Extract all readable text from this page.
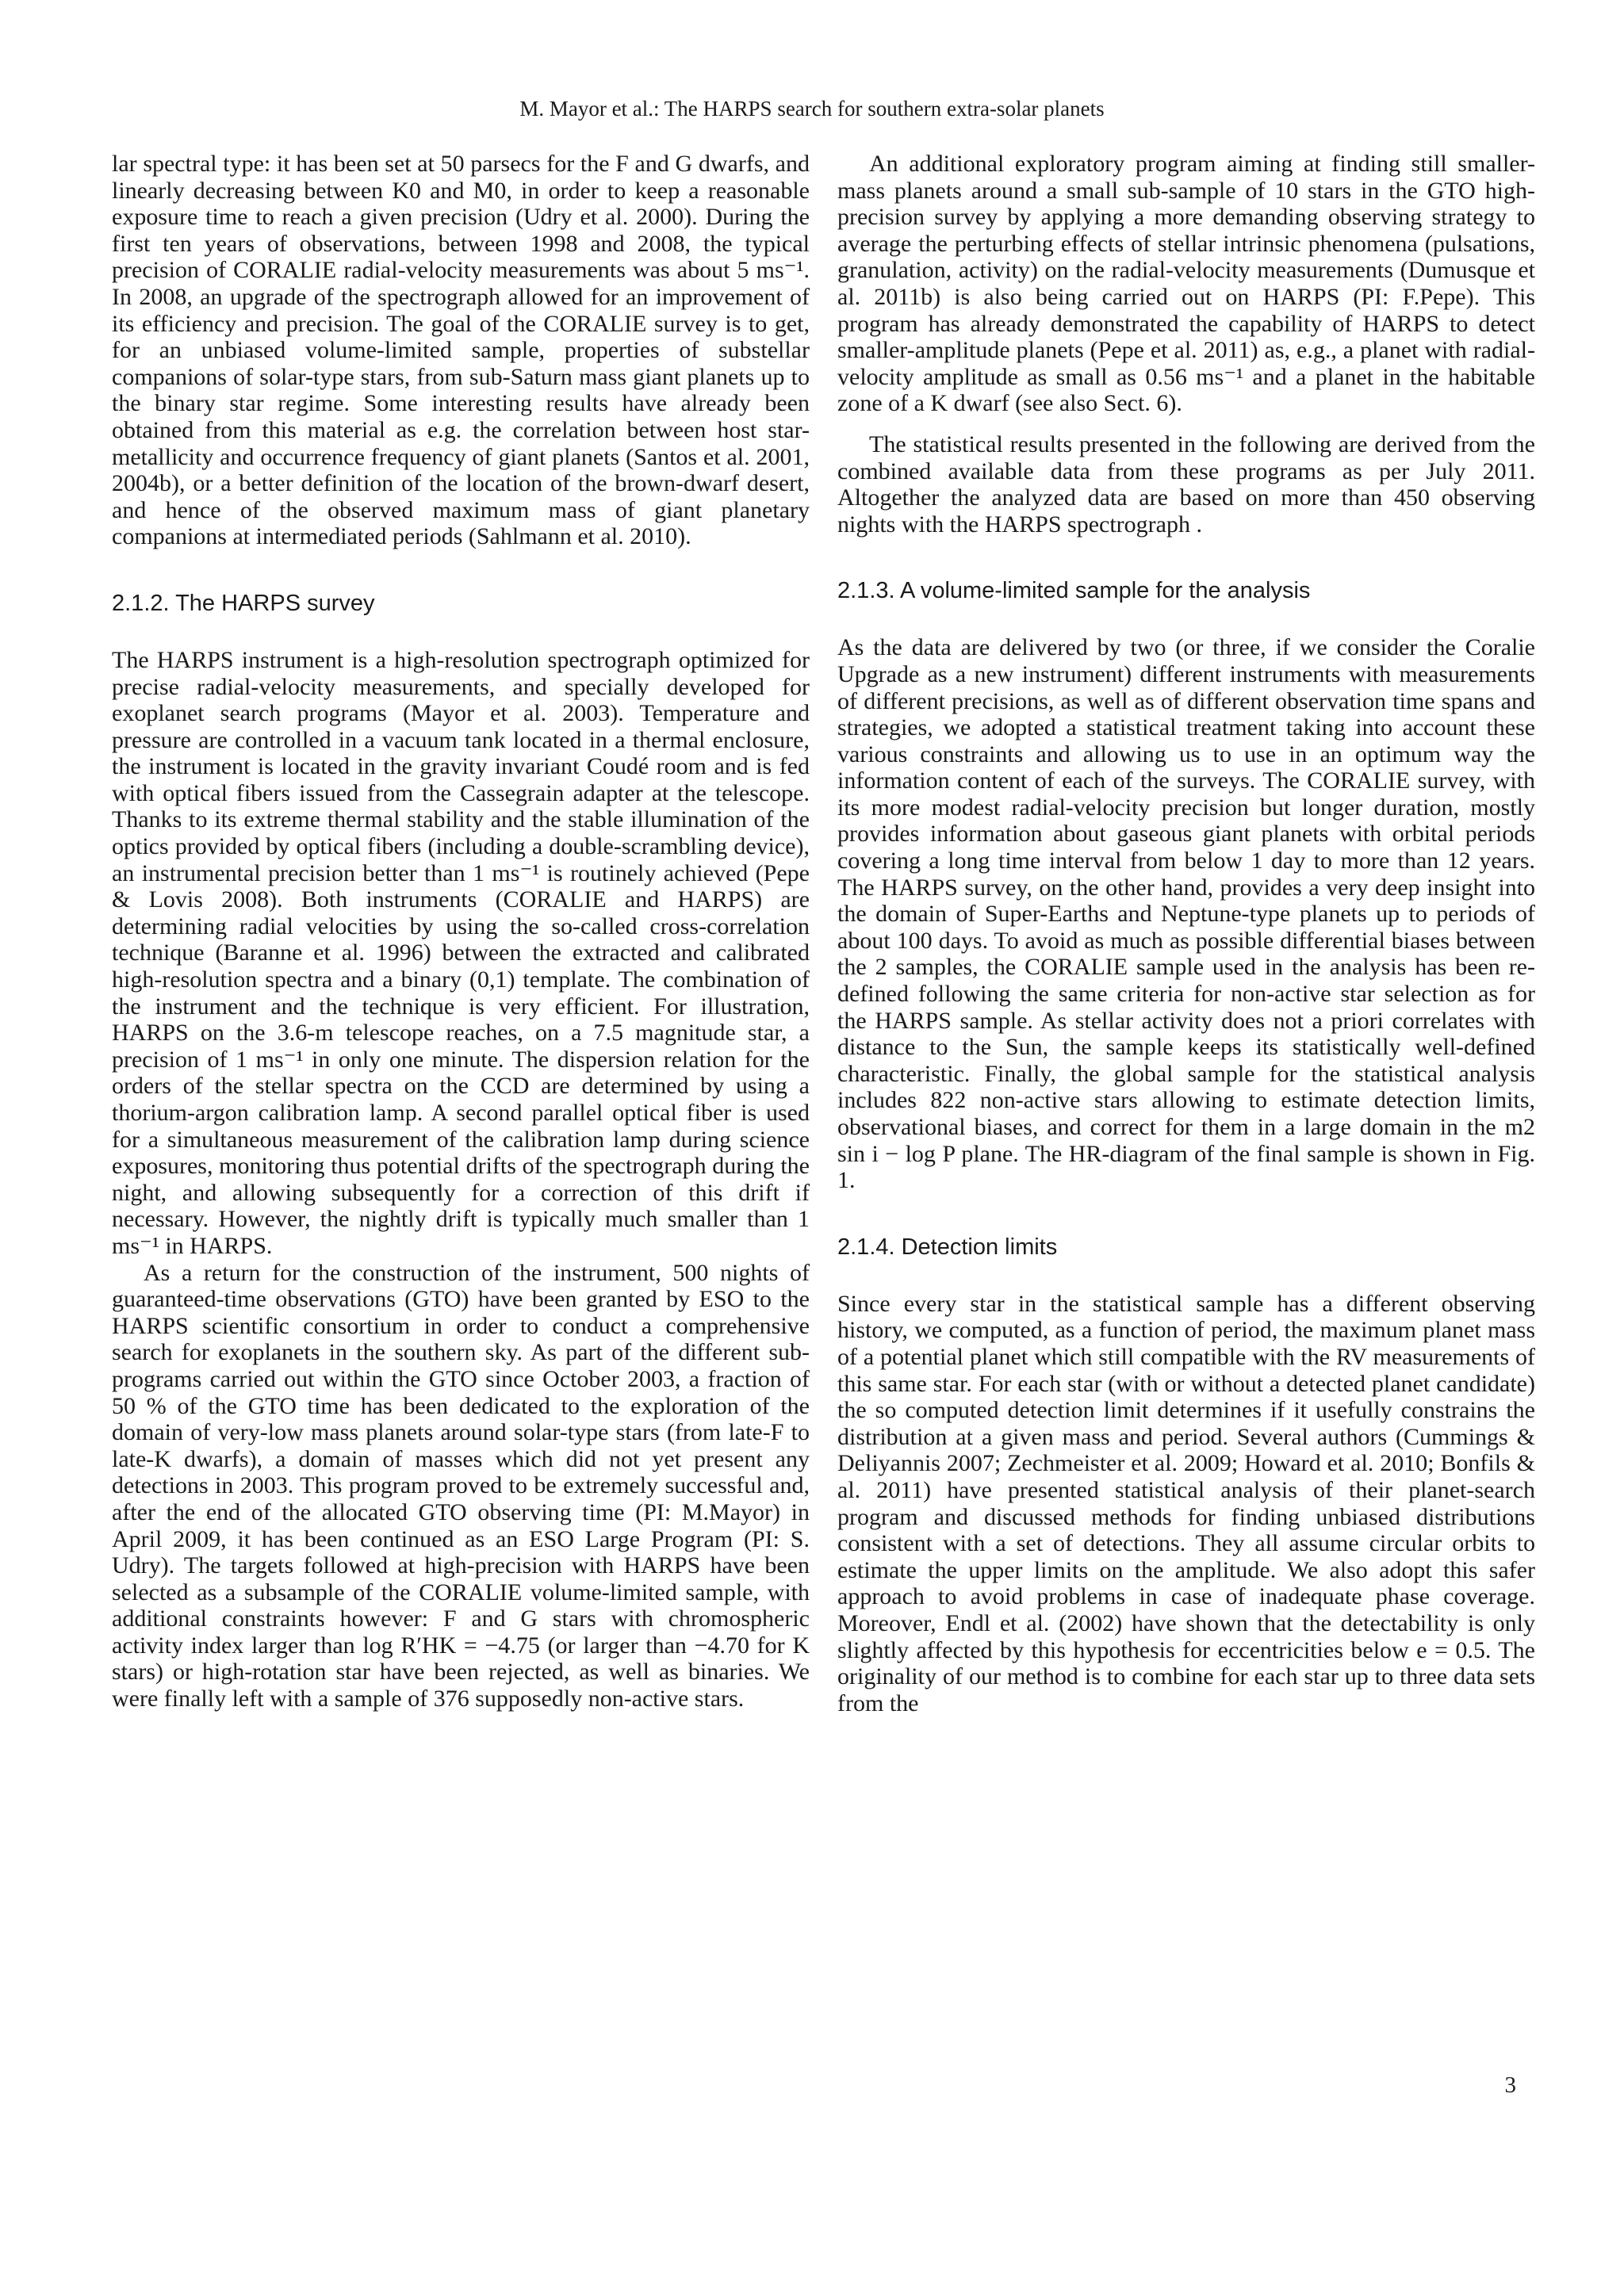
M. Mayor et al.: The HARPS search for southern extra-solar planets

lar spectral type: it has been set at 50 parsecs for the F and G dwarfs, and linearly decreasing between K0 and M0, in order to keep a reasonable exposure time to reach a given precision (Udry et al. 2000). During the first ten years of observations, between 1998 and 2008, the typical precision of CORALIE radial-velocity measurements was about 5 ms⁻¹. In 2008, an upgrade of the spectrograph allowed for an improvement of its efficiency and precision. The goal of the CORALIE survey is to get, for an unbiased volume-limited sample, properties of substellar companions of solar-type stars, from sub-Saturn mass giant planets up to the binary star regime. Some interesting results have already been obtained from this material as e.g. the correlation between host star-metallicity and occurrence frequency of giant planets (Santos et al. 2001, 2004b), or a better definition of the location of the brown-dwarf desert, and hence of the observed maximum mass of giant planetary companions at intermediated periods (Sahlmann et al. 2010).

2.1.2. The HARPS survey

The HARPS instrument is a high-resolution spectrograph optimized for precise radial-velocity measurements, and specially developed for exoplanet search programs (Mayor et al. 2003). Temperature and pressure are controlled in a vacuum tank located in a thermal enclosure, the instrument is located in the gravity invariant Coudé room and is fed with optical fibers issued from the Cassegrain adapter at the telescope. Thanks to its extreme thermal stability and the stable illumination of the optics provided by optical fibers (including a double-scrambling device), an instrumental precision better than 1 ms⁻¹ is routinely achieved (Pepe & Lovis 2008). Both instruments (CORALIE and HARPS) are determining radial velocities by using the so-called cross-correlation technique (Baranne et al. 1996) between the extracted and calibrated high-resolution spectra and a binary (0,1) template. The combination of the instrument and the technique is very efficient. For illustration, HARPS on the 3.6-m telescope reaches, on a 7.5 magnitude star, a precision of 1 ms⁻¹ in only one minute. The dispersion relation for the orders of the stellar spectra on the CCD are determined by using a thorium-argon calibration lamp. A second parallel optical fiber is used for a simultaneous measurement of the calibration lamp during science exposures, monitoring thus potential drifts of the spectrograph during the night, and allowing subsequently for a correction of this drift if necessary. However, the nightly drift is typically much smaller than 1 ms⁻¹ in HARPS.

As a return for the construction of the instrument, 500 nights of guaranteed-time observations (GTO) have been granted by ESO to the HARPS scientific consortium in order to conduct a comprehensive search for exoplanets in the southern sky. As part of the different sub-programs carried out within the GTO since October 2003, a fraction of 50 % of the GTO time has been dedicated to the exploration of the domain of very-low mass planets around solar-type stars (from late-F to late-K dwarfs), a domain of masses which did not yet present any detections in 2003. This program proved to be extremely successful and, after the end of the allocated GTO observing time (PI: M.Mayor) in April 2009, it has been continued as an ESO Large Program (PI: S. Udry). The targets followed at high-precision with HARPS have been selected as a subsample of the CORALIE volume-limited sample, with additional constraints however: F and G stars with chromospheric activity index larger than log R′HK = −4.75 (or larger than −4.70 for K stars) or high-rotation star have been rejected, as well as binaries. We were finally left with a sample of 376 supposedly non-active stars.

An additional exploratory program aiming at finding still smaller-mass planets around a small sub-sample of 10 stars in the GTO high-precision survey by applying a more demanding observing strategy to average the perturbing effects of stellar intrinsic phenomena (pulsations, granulation, activity) on the radial-velocity measurements (Dumusque et al. 2011b) is also being carried out on HARPS (PI: F.Pepe). This program has already demonstrated the capability of HARPS to detect smaller-amplitude planets (Pepe et al. 2011) as, e.g., a planet with radial-velocity amplitude as small as 0.56 ms⁻¹ and a planet in the habitable zone of a K dwarf (see also Sect. 6).

The statistical results presented in the following are derived from the combined available data from these programs as per July 2011. Altogether the analyzed data are based on more than 450 observing nights with the HARPS spectrograph .

2.1.3. A volume-limited sample for the analysis

As the data are delivered by two (or three, if we consider the Coralie Upgrade as a new instrument) different instruments with measurements of different precisions, as well as of different observation time spans and strategies, we adopted a statistical treatment taking into account these various constraints and allowing us to use in an optimum way the information content of each of the surveys. The CORALIE survey, with its more modest radial-velocity precision but longer duration, mostly provides information about gaseous giant planets with orbital periods covering a long time interval from below 1 day to more than 12 years. The HARPS survey, on the other hand, provides a very deep insight into the domain of Super-Earths and Neptune-type planets up to periods of about 100 days. To avoid as much as possible differential biases between the 2 samples, the CORALIE sample used in the analysis has been re-defined following the same criteria for non-active star selection as for the HARPS sample. As stellar activity does not a priori correlates with distance to the Sun, the sample keeps its statistically well-defined characteristic. Finally, the global sample for the statistical analysis includes 822 non-active stars allowing to estimate detection limits, observational biases, and correct for them in a large domain in the m2 sin i − log P plane. The HR-diagram of the final sample is shown in Fig. 1.

2.1.4. Detection limits

Since every star in the statistical sample has a different observing history, we computed, as a function of period, the maximum planet mass of a potential planet which still compatible with the RV measurements of this same star. For each star (with or without a detected planet candidate) the so computed detection limit determines if it usefully constrains the distribution at a given mass and period. Several authors (Cummings & Deliyannis 2007; Zechmeister et al. 2009; Howard et al. 2010; Bonfils & al. 2011) have presented statistical analysis of their planet-search program and discussed methods for finding unbiased distributions consistent with a set of detections. They all assume circular orbits to estimate the upper limits on the amplitude. We also adopt this safer approach to avoid problems in case of inadequate phase coverage. Moreover, Endl et al. (2002) have shown that the detectability is only slightly affected by this hypothesis for eccentricities below e = 0.5. The originality of our method is to combine for each star up to three data sets from the

3
